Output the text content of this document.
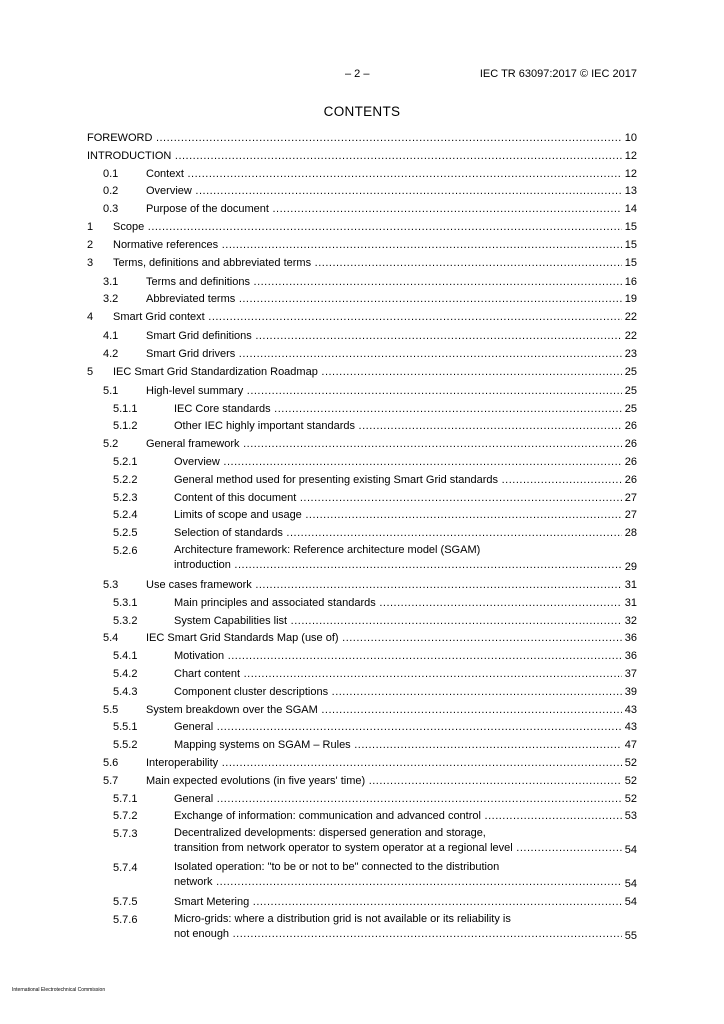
– 2 –	IEC TR 63097:2017 © IEC 2017
CONTENTS
FOREWORD .....	10
INTRODUCTION .....	12
0.1	Context .....	12
0.2	Overview .....	13
0.3	Purpose of the document .....	14
1 Scope .....	15
2 Normative references .....	15
3 Terms, definitions and abbreviated terms .....	15
3.1	Terms and definitions .....	16
3.2	Abbreviated terms .....	19
4 Smart Grid context .....	22
4.1	Smart Grid definitions .....	22
4.2	Smart Grid drivers .....	23
5 IEC Smart Grid Standardization Roadmap .....	25
5.1	High-level summary .....	25
5.1.1	IEC Core standards .....	25
5.1.2	Other IEC highly important standards .....	26
5.2	General framework .....	26
5.2.1	Overview .....	26
5.2.2	General method used for presenting existing Smart Grid standards .....	26
5.2.3	Content of this document .....	27
5.2.4	Limits of scope and usage .....	27
5.2.5	Selection of standards .....	28
5.2.6	Architecture framework: Reference architecture model (SGAM)
introduction .....	29
5.3	Use cases framework .....	31
5.3.1	Main principles and associated standards .....	31
5.3.2	System Capabilities list .....	32
5.4	IEC Smart Grid Standards Map (use of) .....	36
5.4.1	Motivation .....	36
5.4.2	Chart content .....	37
5.4.3	Component cluster descriptions .....	39
5.5	System breakdown over the SGAM .....	43
5.5.1	General .....	43
5.5.2	Mapping systems on SGAM – Rules .....	47
5.6	Interoperability .....	52
5.7	Main expected evolutions (in five years' time) .....	52
5.7.1	General .....	52
5.7.2	Exchange of information: communication and advanced control .....	53
5.7.3	Decentralized developments: dispersed generation and storage,
transition from network operator to system operator at a regional level .....	54
5.7.4	Isolated operation: "to be or not to be" connected to the distribution
network .....	54
5.7.5	Smart Metering .....	54
5.7.6	Micro-grids: where a distribution grid is not available or its reliability is
not enough .....	55
International Electrotechnical Commission
